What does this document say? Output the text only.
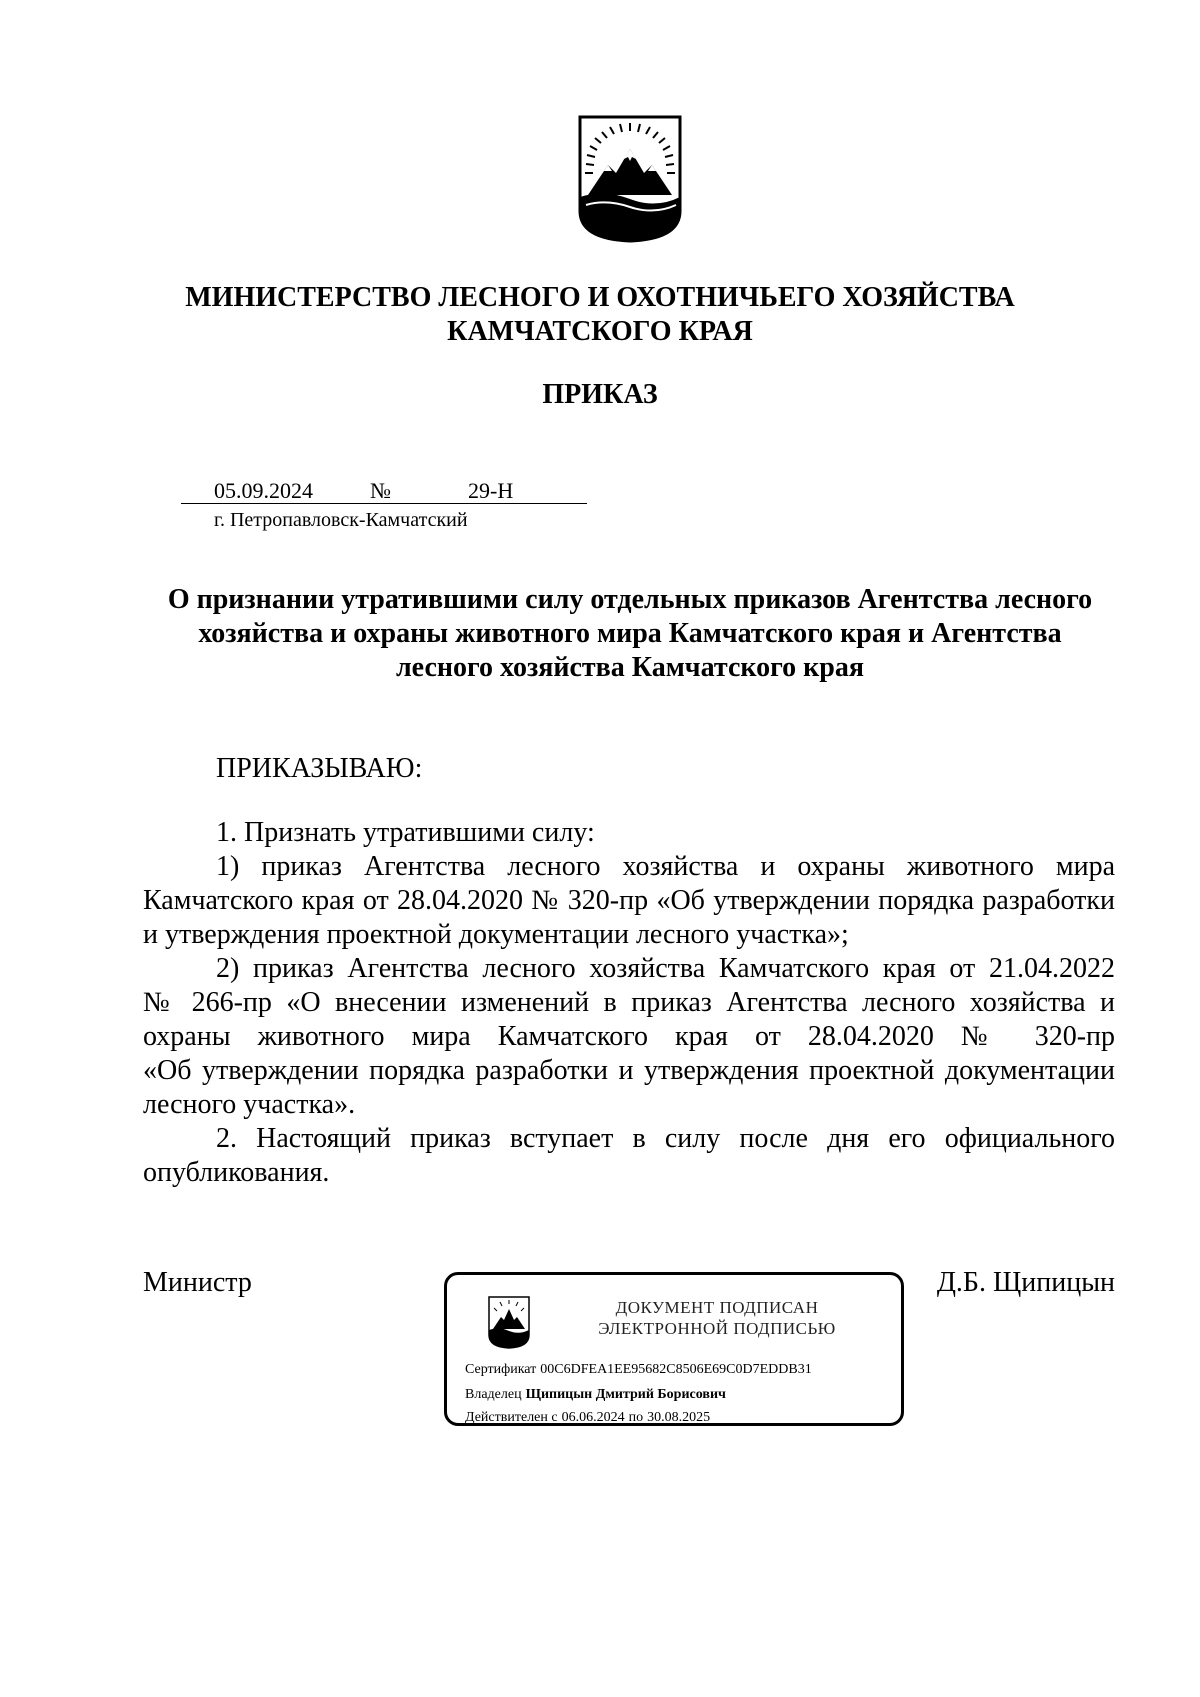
МИНИСТЕРСТВО ЛЕСНОГО И ОХОТНИЧЬЕГО ХОЗЯЙСТВА
КАМЧАТСКОГО КРАЯ
ПРИКАЗ
05.09.2024	№	29-Н
г. Петропавловск-Камчатский
О признании утратившими силу отдельных приказов Агентства лесного
хозяйства и охраны животного мира Камчатского края и Агентства
лесного хозяйства Камчатского края
ПРИКАЗЫВАЮ:
1. Признать утратившими силу:
1) приказ Агентства лесного хозяйства и охраны животного мира
Камчатского края от 28.04.2020 № 320-пр «Об утверждении порядка разработки
и утверждения проектной документации лесного участка»;
2) приказ Агентства лесного хозяйства Камчатского края от 21.04.2022
№ 266-пр «О внесении изменений в приказ Агентства лесного хозяйства и
охраны животного мира Камчатского края от 28.04.2020 № 320-пр
«Об утверждении порядка разработки и утверждения проектной документации
лесного участка».
2. Настоящий приказ вступает в силу после дня его официального
опубликования.
Министр	Д.Б. Щипицын
ДОКУМЕНТ ПОДПИСАН
ЭЛЕКТРОННОЙ ПОДПИСЬЮ
Сертификат 00C6DFEA1EE95682C8506E69C0D7EDDB31
Владелец Щипицын Дмитрий Борисович
Действителен с 06.06.2024 по 30.08.2025
